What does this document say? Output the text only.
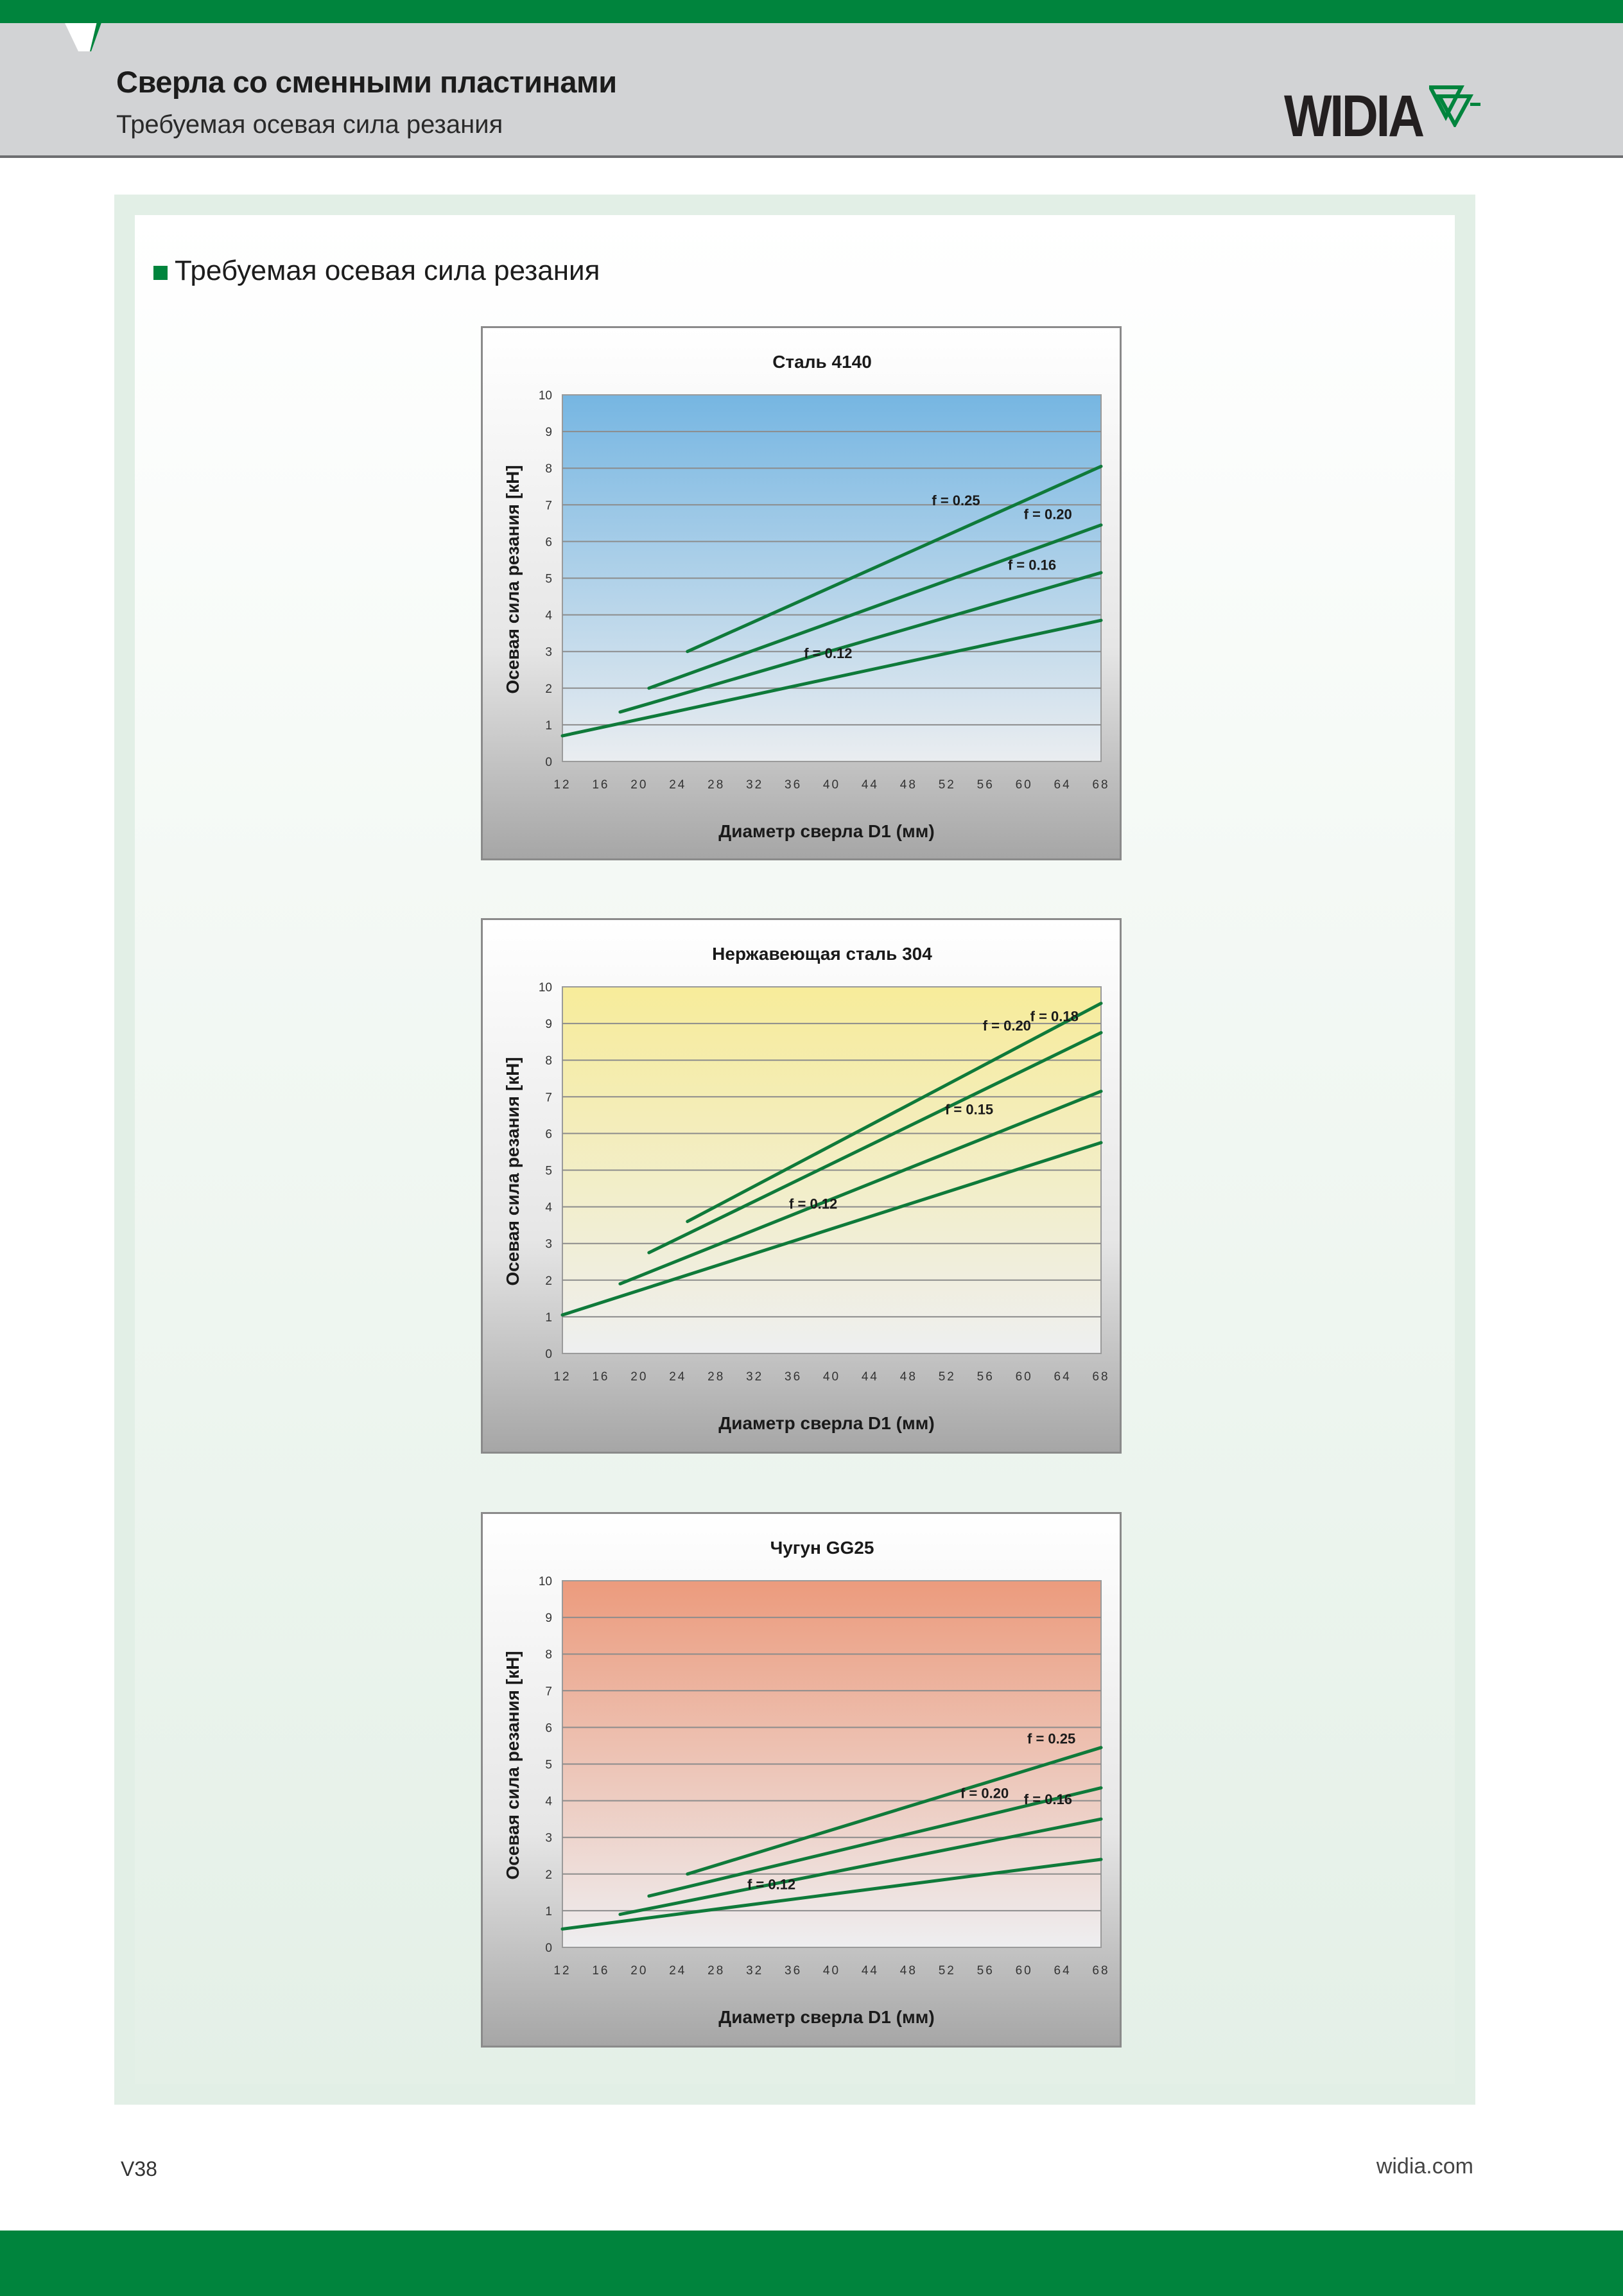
Сверла со сменными пластинами
Требуемая осевая сила резания	WIDIA
Требуемая осевая сила резания
Сталь 4140
0
1
2
3
4
5
6
7
8
9
10
12 16 20 24 28 32 36 40 44 48 52 56 60 64 68
Диаметр сверла D1 (мм)
Осевая сила резания [кН]	f = 0.25
f = 0.20
f = 0.16
f = 0.12
Нержавеющая сталь 304
0
1
2
3
4
5
6
7
8
9
10
12 16 20 24 28 32 36 40 44 48 52 56 60 64 68
Диаметр сверла D1 (мм)
Осевая сила резания [кН]
f = 0.20
f = 0.18
f = 0.15
f = 0.12
Чугун GG25
0
1
2
3
4
5
6
7
8
9
10
12 16 20 24 28 32 36 40 44 48 52 56 60 64 68
Диаметр сверла D1 (мм)
Осевая сила резания [кН]	f = 0.25
f = 0.20 f = 0.16
f = 0.12
V38	widia.com
